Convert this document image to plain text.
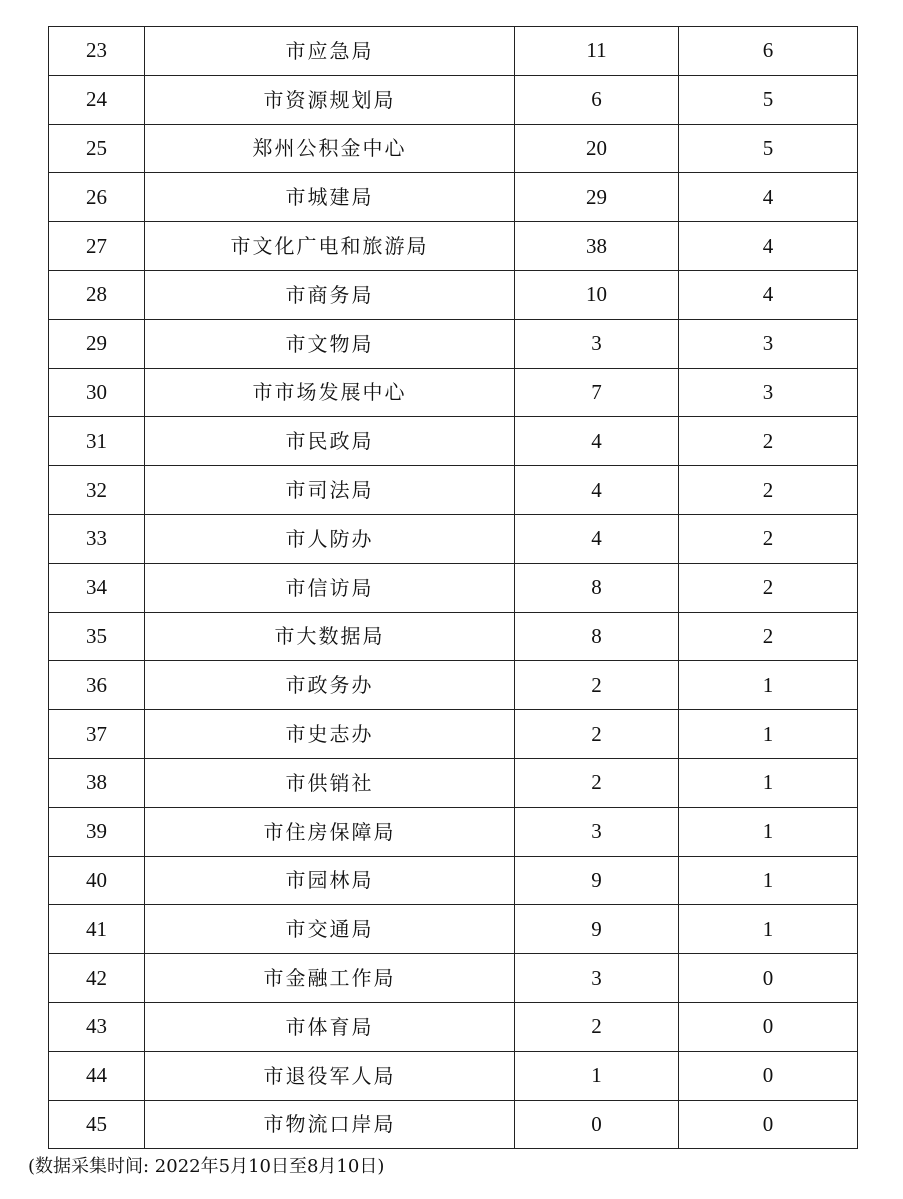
23	市应急局	11	6
24	市资源规划局	6	5
25	郑州公积金中心	20	5
26	市城建局	29	4
27	市文化广电和旅游局	38	4
28	市商务局	10	4
29	市文物局	3	3
30	市市场发展中心	7	3
31	市民政局	4	2
32	市司法局	4	2
33	市人防办	4	2
34	市信访局	8	2
35	市大数据局	8	2
36	市政务办	2	1
37	市史志办	2	1
38	市供销社	2	1
39	市住房保障局	3	1
40	市园林局	9	1
41	市交通局	9	1
42	市金融工作局	3	0
43	市体育局	2	0
44	市退役军人局	1	0
45	市物流口岸局	0	0
(数据采集时间: 2022年5月10日至8月10日)
